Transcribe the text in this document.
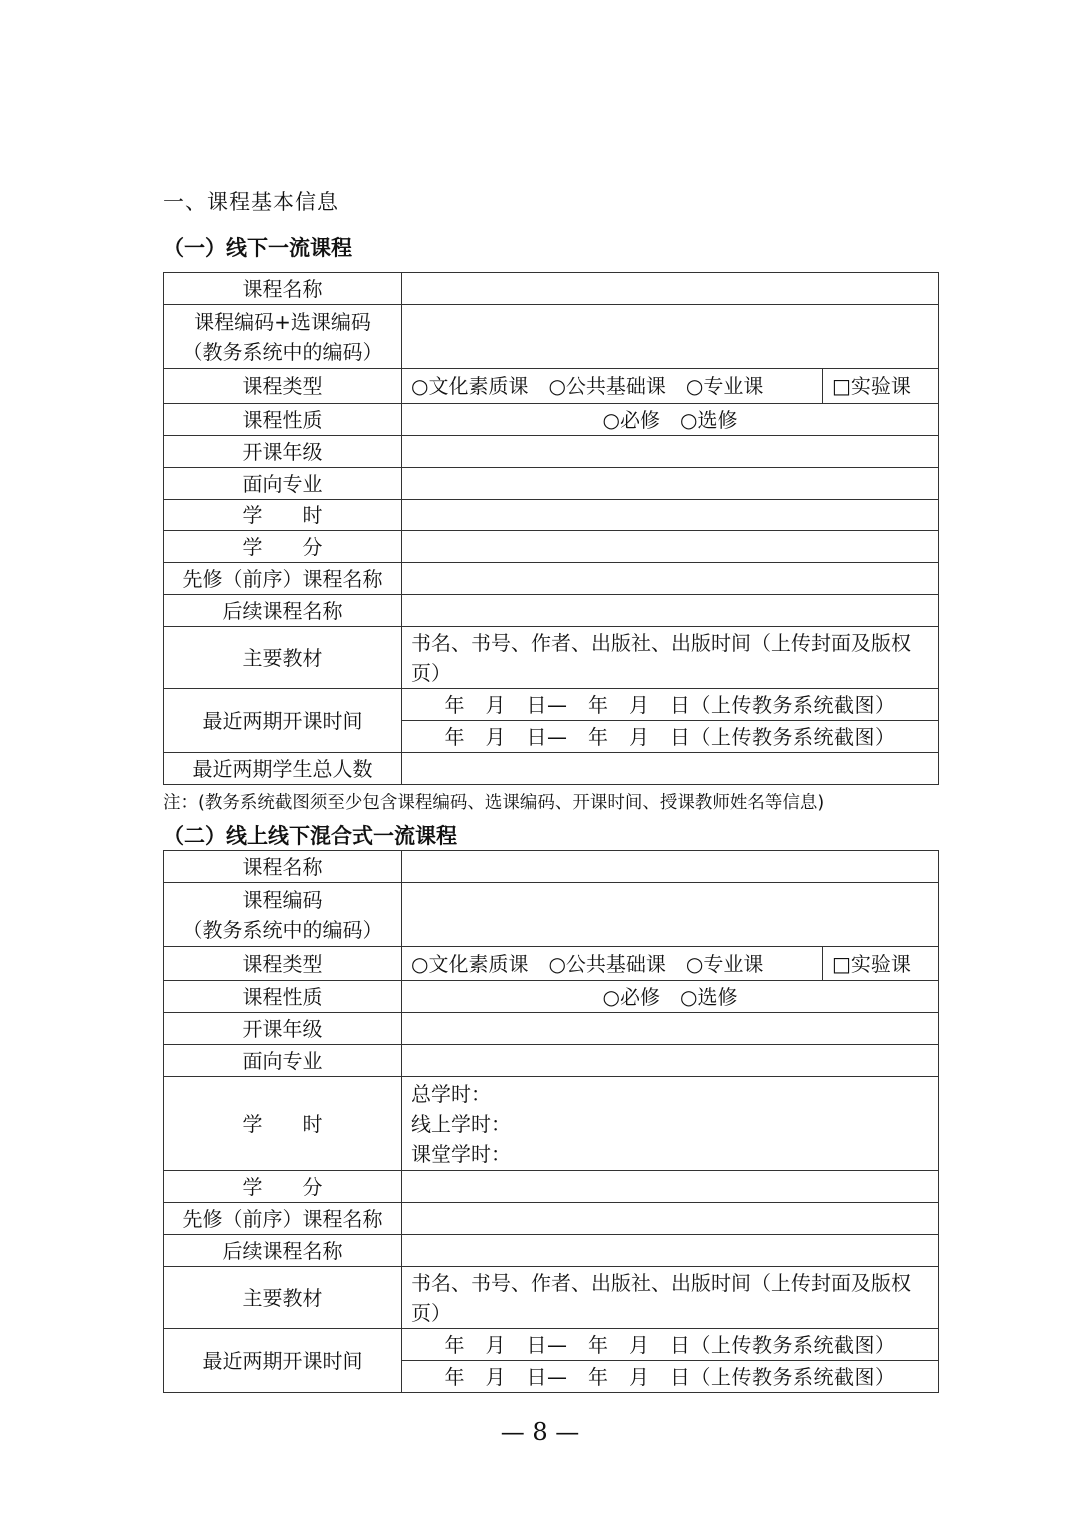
一、课程基本信息
（一）线下一流课程
课程名称		

课程编码+选课编码
（教务系统中的编码）		

课程类型	○文化素质课 ○公共基础课 ○专业课	□实验课
课程性质	○必修 ○选修	
开课年级		
面向专业		
学　　时		
学　　分		
先修（前序）课程名称		
后续课程名称		
主要教材	书名、书号、作者、出版社、出版时间（上传封面及版权页）	
最近两期开课时间	年　月　日—　年　月　日（上传教务系统截图）	
	年　月　日—　年　月　日（上传教务系统截图）	
最近两期学生总人数		
注：(教务系统截图须至少包含课程编码、选课编码、开课时间、授课教师姓名等信息)
（二）线上线下混合式一流课程
课程名称		

课程编码
（教务系统中的编码）		

课程类型	○文化素质课 ○公共基础课 ○专业课	□实验课
课程性质	○必修 ○选修	
开课年级		
面向专业		
学　　时	总学时：
线上学时：
课堂学时：	

学　　分		
先修（前序）课程名称		
后续课程名称		
主要教材	书名、书号、作者、出版社、出版时间（上传封面及版权页）	
最近两期开课时间	年　月　日—　年　月　日（上传教务系统截图）	
	年　月　日—　年　月　日（上传教务系统截图）	
— 8 —
